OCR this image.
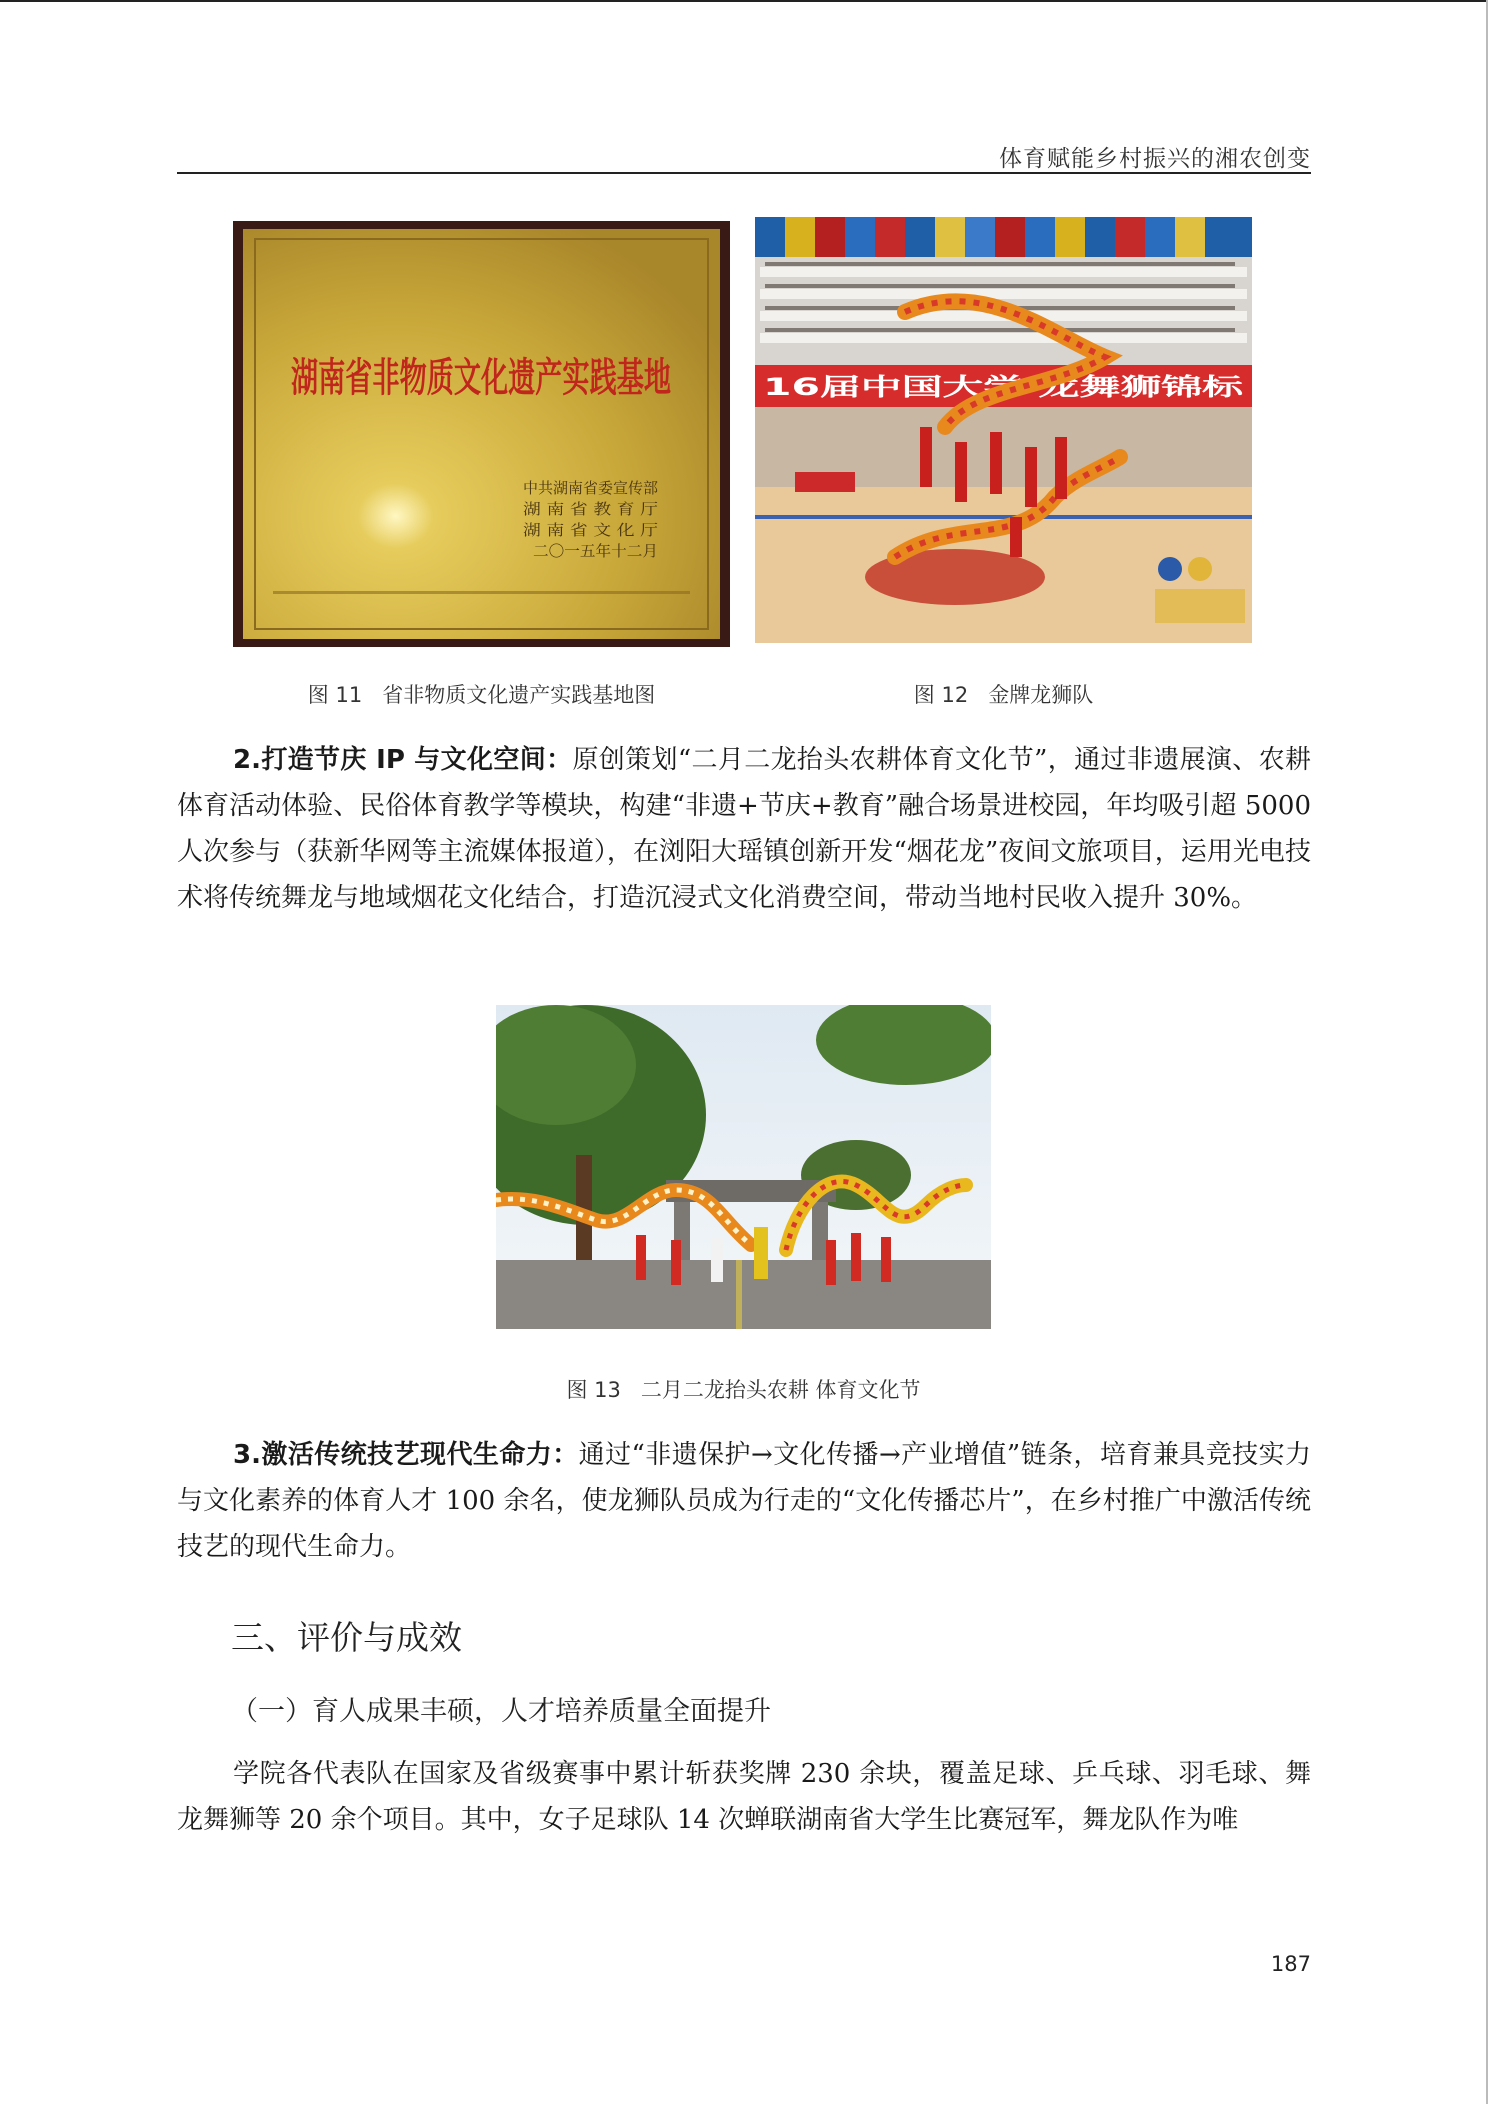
体育赋能乡村振兴的湘农创变
湖南省非物质文化遗产实践基地
中共湖南省委宣传部
湖 南 省 教 育 厅
湖 南 省 文 化 厅
二〇一五年十二月
16届中国大学 龙舞狮锦标
图 11 省非物质文化遗产实践基地图	图 12 金牌龙狮队

2.打造节庆 IP 与文化空间：原创策划“二月二龙抬头农耕体育文化节”，通过非遗展演、农耕体育活动体验、民俗体育教学等模块，构建“非遗+节庆+教育”融合场景进校园，年均吸引超 5000 人次参与（获新华网等主流媒体报道），在浏阳大瑶镇创新开发“烟花龙”夜间文旅项目，运用光电技术将传统舞龙与地域烟花文化结合，打造沉浸式文化消费空间，带动当地村民收入提升 30%。

图 13 二月二龙抬头农耕 体育文化节

3.激活传统技艺现代生命力：通过“非遗保护→文化传播→产业增值”链条，培育兼具竞技实力与文化素养的体育人才 100 余名，使龙狮队员成为行走的“文化传播芯片”，在乡村推广中激活传统技艺的现代生命力。

三、评价与成效
（一）育人成果丰硕，人才培养质量全面提升

学院各代表队在国家及省级赛事中累计斩获奖牌 230 余块，覆盖足球、乒乓球、羽毛球、舞龙舞狮等 20 余个项目。其中，女子足球队 14 次蝉联湖南省大学生比赛冠军，舞龙队作为唯

187
